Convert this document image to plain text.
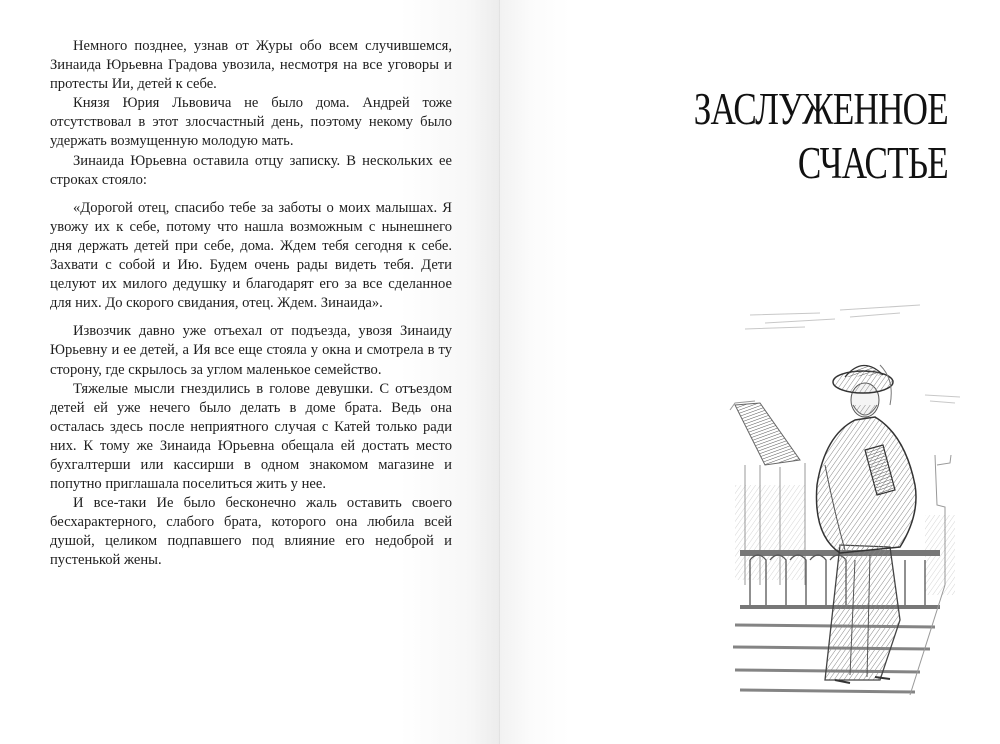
Немного позднее, узнав от Журы обо всем случившемся, Зинаида Юрьевна Градова увозила, несмотря на все уговоры и протесты Ии, детей к себе.

Князя Юрия Львовича не было дома. Андрей тоже отсутствовал в этот злосчастный день, поэтому некому было удержать возмущенную молодую мать.

Зинаида Юрьевна оставила отцу записку. В нескольких ее строках стояло:

«Дорогой отец, спасибо тебе за заботы о моих малышах. Я увожу их к себе, потому что нашла возможным с нынешнего дня держать детей при себе, дома. Ждем тебя сегодня к себе. Захвати с собой и Ию. Будем очень рады видеть тебя. Дети целуют их милого дедушку и благодарят его за все сделанное для них. До скорого свидания, отец. Ждем. Зинаида».

Извозчик давно уже отъехал от подъезда, увозя Зинаиду Юрьевну и ее детей, а Ия все еще стояла у окна и смотрела в ту сторону, где скрылось за углом маленькое семейство.

Тяжелые мысли гнездились в голове девушки. С отъездом детей ей уже нечего было делать в доме брата. Ведь она осталась здесь после неприятного случая с Катей только ради них. К тому же Зинаида Юрьевна обещала ей достать место бухгалтерши или кассирши в одном знакомом магазине и попутно приглашала поселиться жить у нее.

И все-таки Ие было бесконечно жаль оставить своего бесхарактерного, слабого брата, которого она любила всей душой, целиком подпавшего под влияние его недоброй и пустенькой жены.

ЗАСЛУЖЕННОЕ
СЧАСТЬЕ
